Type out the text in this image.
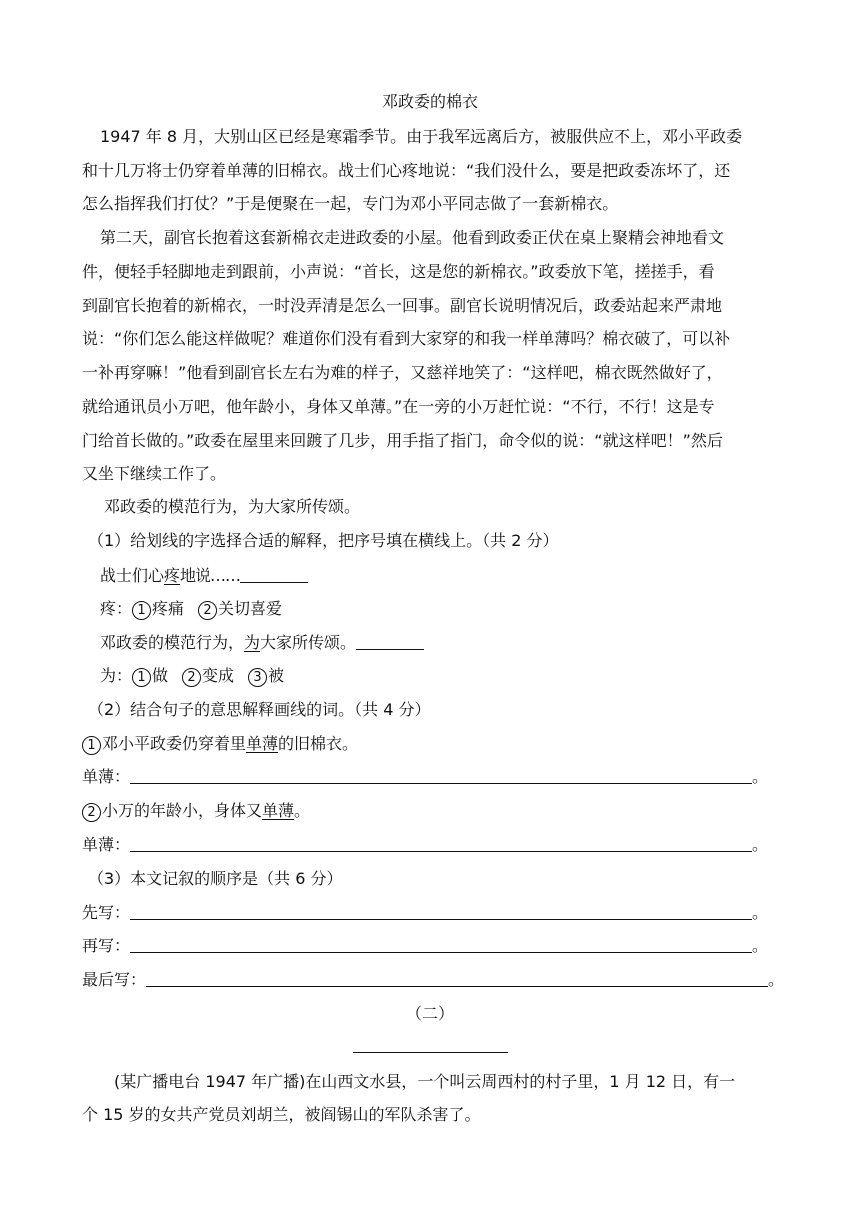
邓政委的棉衣
1947 年 8 月，大别山区已经是寒霜季节。由于我军远离后方，被服供应不上，邓小平政委
和十几万将士仍穿着单薄的旧棉衣。战士们心疼地说：“我们没什么，要是把政委冻坏了，还
怎么指挥我们打仗？”于是便聚在一起，专门为邓小平同志做了一套新棉衣。
第二天，副官长抱着这套新棉衣走进政委的小屋。他看到政委正伏在桌上聚精会神地看文
件，便轻手轻脚地走到跟前，小声说：“首长，这是您的新棉衣。”政委放下笔，搓搓手，看
到副官长抱着的新棉衣，一时没弄清是怎么一回事。副官长说明情况后，政委站起来严肃地
说：“你们怎么能这样做呢？难道你们没有看到大家穿的和我一样单薄吗？棉衣破了，可以补
一补再穿嘛！”他看到副官长左右为难的样子，又慈祥地笑了：“这样吧，棉衣既然做好了，
就给通讯员小万吧，他年龄小，身体又单薄。”在一旁的小万赶忙说：“不行，不行！这是专
门给首长做的。”政委在屋里来回踱了几步，用手指了指门，命令似的说：“就这样吧！”然后
又坐下继续工作了。
邓政委的模范行为，为大家所传颂。
（1）给划线的字选择合适的解释，把序号填在横线上。（共 2 分）
战士们心疼地说……
疼： 1 疼痛 2 关切喜爱
邓政委的模范行为，为大家所传颂。
为： 1 做 2 变成 3 被
（2）结合句子的意思解释画线的词。（共 4 分）
1 邓小平政委仍穿着里单薄的旧棉衣。
单薄：	。
2 小万的年龄小，身体又单薄。
单薄：	。
（3）本文记叙的顺序是（共 6 分）
先写：	。
再写：	。
最后写：	。
（二）
(某广播电台 1947 年广播)在山西文水县，一个叫云周西村的村子里，1 月 12 日，有一
个 15 岁的女共产党员刘胡兰，被阎锡山的军队杀害了。
